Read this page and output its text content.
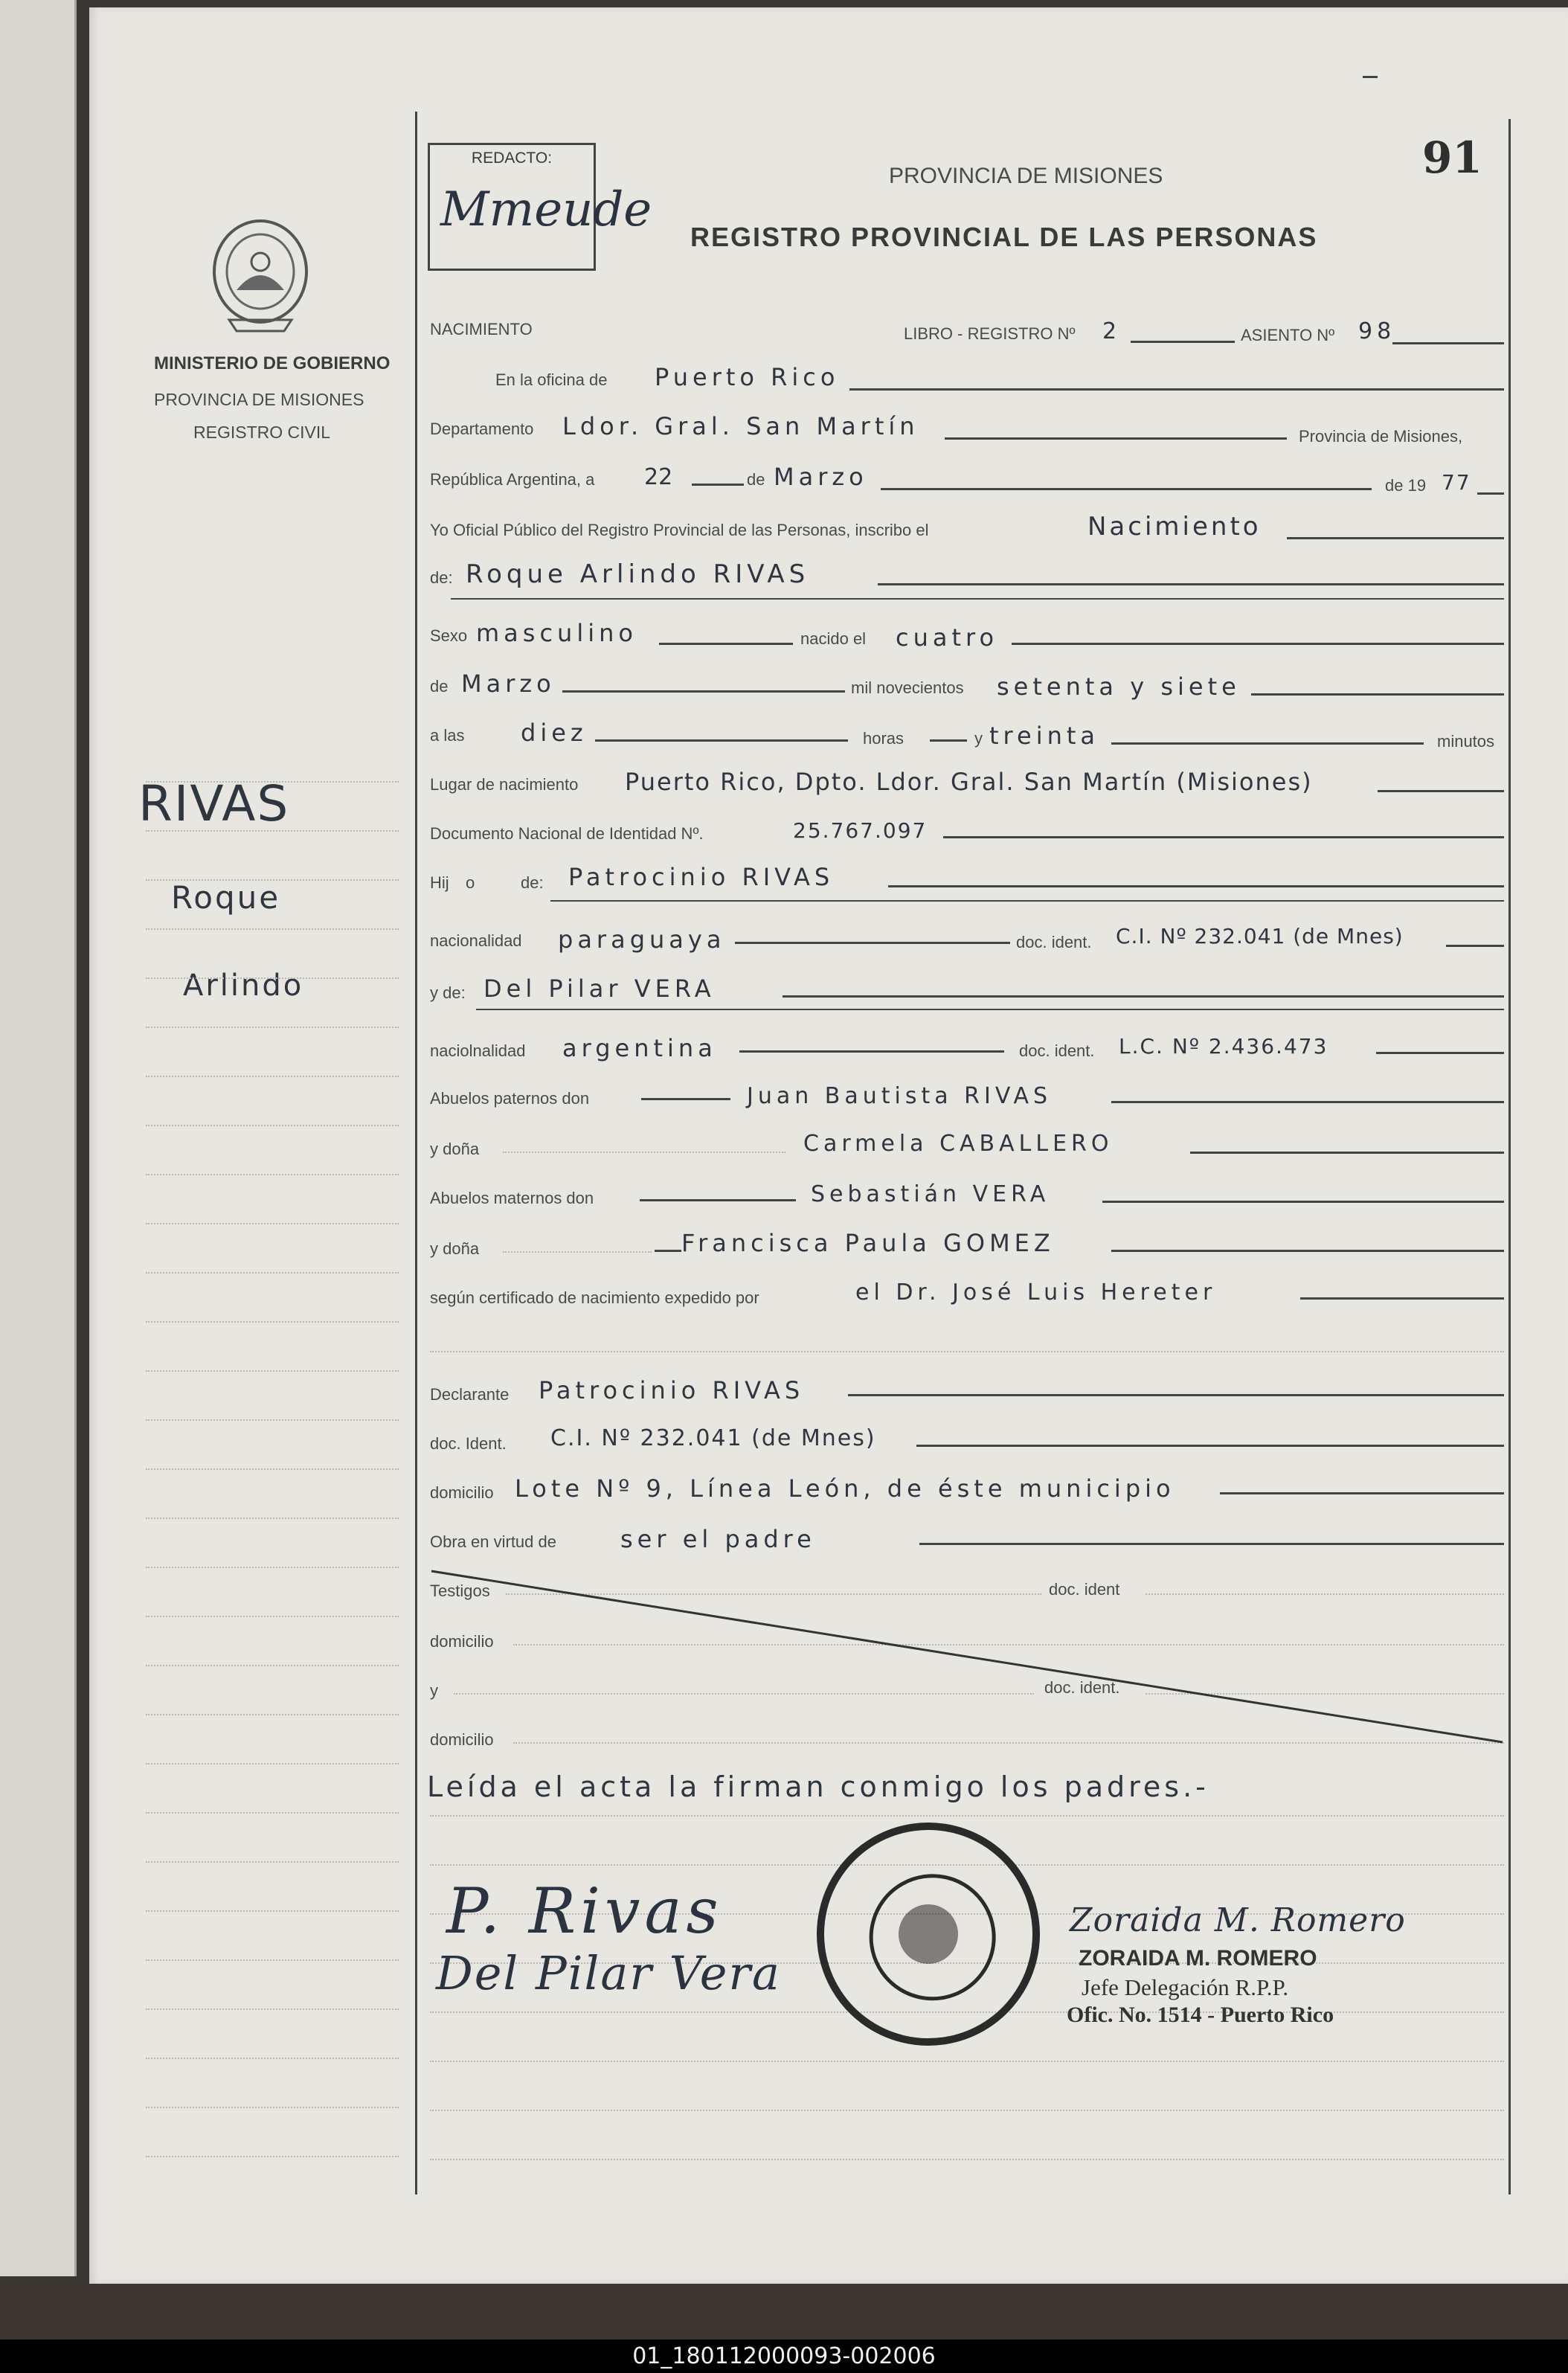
REDACTO:
Mmeude
PROVINCIA DE MISIONES
REGISTRO PROVINCIAL DE LAS PERSONAS
91
MINISTERIO DE GOBIERNO
PROVINCIA DE MISIONES
REGISTRO CIVIL
RIVAS
Roque
Arlindo
NACIMIENTO	LIBRO - REGISTRO Nº 2	ASIENTO Nº 98
En la oficina de Puerto Rico
Departamento Ldor. Gral. San Martín	Provincia de Misiones,
República Argentina, a 22	de Marzo	de 19 77
Yo Oficial Público del Registro Provincial de las Personas, inscribo el	Nacimiento
de: Roque Arlindo RIVAS
Sexo masculino	nacido el cuatro
de Marzo	mil novecientos setenta y siete
a las diez	horas	y treinta	minutos
Lugar de nacimiento Puerto Rico, Dpto. Ldor. Gral. San Martín (Misiones)
Documento Nacional de Identidad Nº.	25.767.097
Hij o	de: Patrocinio RIVAS
nacionalidad paraguaya	doc. ident. C.I. Nº 232.041 (de Mnes)
y de: Del Pilar VERA
naciolnalidad argentina	doc. ident. L.C. Nº 2.436.473
Abuelos paternos don	Juan Bautista RIVAS
y doña	Carmela CABALLERO
Abuelos maternos don	Sebastián VERA
y doña	Francisca Paula GOMEZ
según certificado de nacimiento expedido por	el Dr. José Luis Hereter
Declarante Patrocinio RIVAS
doc. Ident. C.I. Nº 232.041 (de Mnes)
domicilio Lote Nº 9, Línea León, de éste municipio
Obra en virtud de	ser el padre
Testigos	doc. ident
domicilio
y	doc. ident.
domicilio
Leída el acta la firman conmigo los padres.-
P. Rivas
Del Pilar Vera
Zoraida M. Romero
ZORAIDA M. ROMERO
Jefe Delegación R.P.P.
Ofic. No. 1514 - Puerto Rico
01_180112000093-002006
